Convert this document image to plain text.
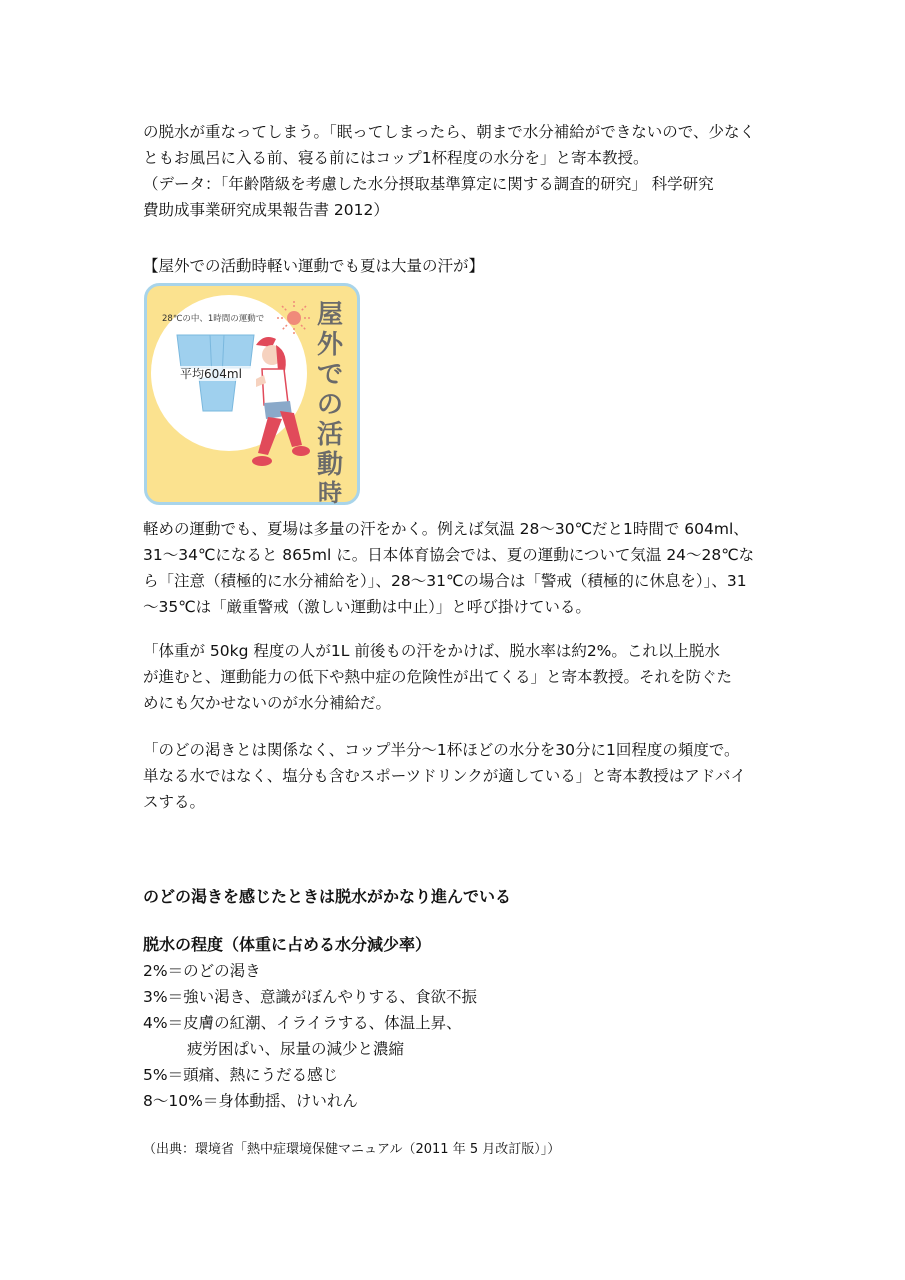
の脱水が重なってしまう。「眠ってしまったら、朝まで水分補給ができないので、少なく
ともお風呂に入る前、寝る前にはコップ1杯程度の水分を」と寄本教授。
（データ：「年齢階級を考慮した水分摂取基準算定に関する調査的研究」 科学研究
費助成事業研究成果報告書 2012）

【屋外での活動時軽い運動でも夏は大量の汗が】

28℃の中、1時間の運動で
平均604ml
屋
外
で
の
活
動
時

軽めの運動でも、夏場は多量の汗をかく。例えば気温 28～30℃だと1時間で 604ml、
31～34℃になると 865ml に。日本体育協会では、夏の運動について気温 24～28℃な
ら「注意（積極的に水分補給を）」、28～31℃の場合は「警戒（積極的に休息を）」、31
～35℃は「厳重警戒（激しい運動は中止）」と呼び掛けている。

「体重が 50kg 程度の人が1L 前後もの汗をかけば、脱水率は約2%。これ以上脱水
が進むと、運動能力の低下や熱中症の危険性が出てくる」と寄本教授。それを防ぐた
めにも欠かせないのが水分補給だ。

「のどの渇きとは関係なく、コップ半分～1杯ほどの水分を30分に1回程度の頻度で。
単なる水ではなく、塩分も含むスポーツドリンクが適している」と寄本教授はアドバイ
スする。

のどの渇きを感じたときは脱水がかなり進んでいる

脱水の程度（体重に占める水分減少率）

2%＝のどの渇き
3%＝強い渇き、意識がぼんやりする、食欲不振
4%＝皮膚の紅潮、イライラする、体温上昇、
疲労困ぱい、尿量の減少と濃縮
5%＝頭痛、熱にうだる感じ
8～10%＝身体動揺、けいれん

（出典：環境省「熱中症環境保健マニュアル（2011 年 5 月改訂版）」）
